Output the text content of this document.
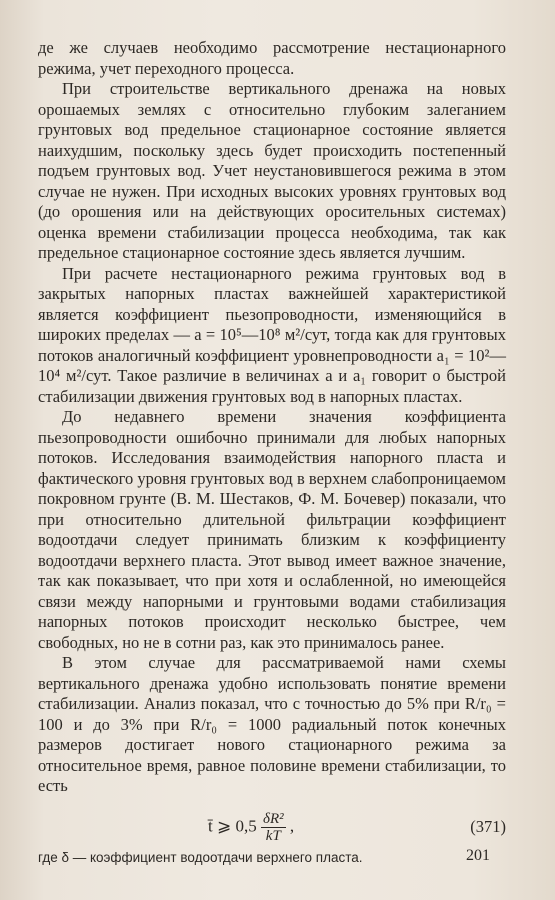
де же случаев необходимо рассмотрение нестационарного режима, учет переходного процесса.

При строительстве вертикального дренажа на новых орошаемых землях с относительно глубоким залеганием грунтовых вод предельное стационарное состояние является наихудшим, поскольку здесь будет происходить постепенный подъем грунтовых вод. Учет неустановившегося режима в этом случае не нужен. При исходных высоких уровнях грунтовых вод (до орошения или на действующих оросительных системах) оценка времени стабилизации процесса необходима, так как предельное стационарное состояние здесь является лучшим.

При расчете нестационарного режима грунтовых вод в закрытых напорных пластах важнейшей характеристикой является коэффициент пьезопроводности, изменяющийся в широких пределах — a = 10⁵—10⁸ м²/сут, тогда как для грунтовых потоков аналогичный коэффициент уровнепроводности a₁ = 10²—10⁴ м²/сут. Такое различие в величинах a и a₁ говорит о быстрой стабилизации движения грунтовых вод в напорных пластах.

До недавнего времени значения коэффициента пьезопроводности ошибочно принимали для любых напорных потоков. Исследования взаимодействия напорного пласта и фактического уровня грунтовых вод в верхнем слабопроницаемом покровном грунте (В. М. Шестаков, Ф. М. Бочевер) показали, что при относительно длительной фильтрации коэффициент водоотдачи следует принимать близким к коэффициенту водоотдачи верхнего пласта. Этот вывод имеет важное значение, так как показывает, что при хотя и ослабленной, но имеющейся связи между напорными и грунтовыми водами стабилизация напорных потоков происходит несколько быстрее, чем свободных, но не в сотни раз, как это принималось ранее.

В этом случае для рассматриваемой нами схемы вертикального дренажа удобно использовать понятие времени стабилизации. Анализ показал, что с точностью до 5% при R/r₀ = 100 и до 3% при R/r₀ = 1000 радиальный поток конечных размеров достигает нового стационарного режима за относительное время, равное половине времени стабилизации, то есть

t̄ ⩾ $0,5 \frac{\text{δR²}}{kT}$ ,	(371)

где δ — коэффициент водоотдачи верхнего пласта.	201
